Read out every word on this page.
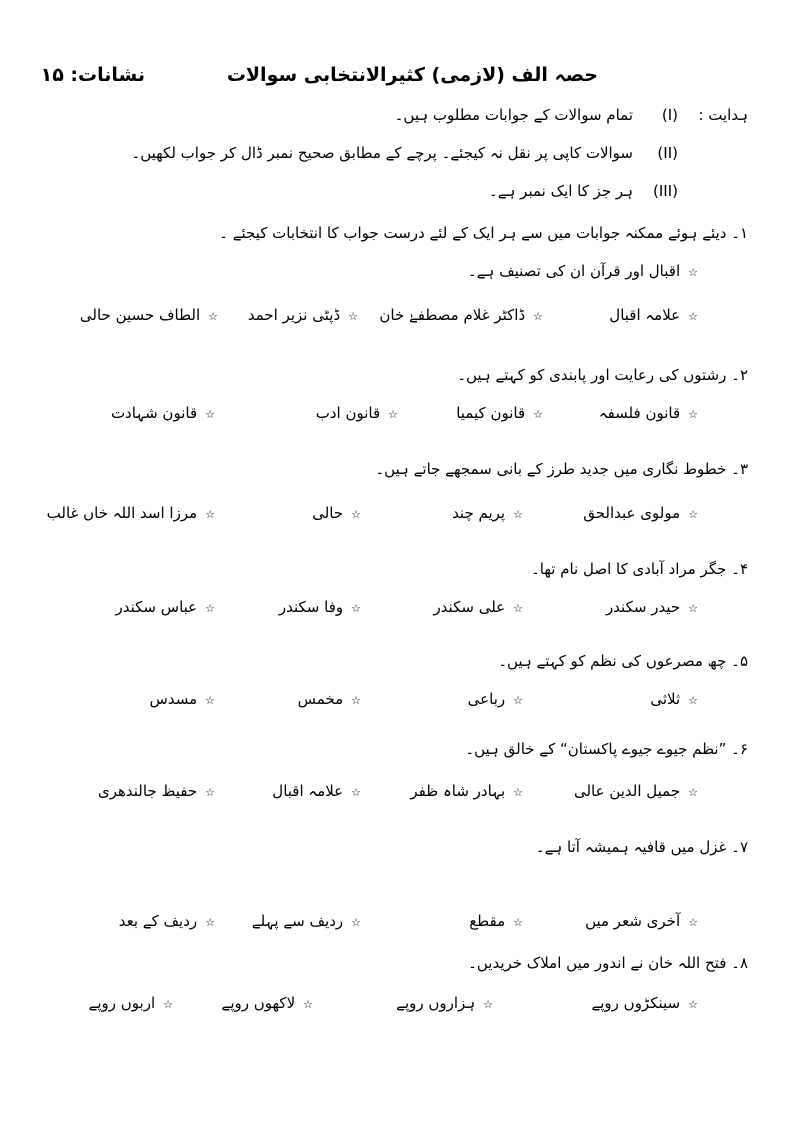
حصہ الف (لازمی) کثیرالانتخابی سوالات
نشانات: ۱۵
ہدایت :
(I)
تمام سوالات کے جوابات مطلوب ہیں۔
(II)
سوالات کاپی پر نقل نہ کیجئے۔ پرچے کے مطابق صحیح نمبر ڈال کر جواب لکھیں۔
(III)
ہر جز کا ایک نمبر ہے۔
۱۔ دیئے ہوئے ممکنہ جوابات میں سے ہر ایک کے لئے درست جواب کا انتخابات کیجئے ۔
☆اقبال اور قرآن ان کی تصنیف ہے۔
☆علامہ اقبال
☆ڈاکٹر غلام مصطفےٰ خان
☆ڈپٹی نزیر احمد
☆الطاف حسین حالی
۲۔ رشتوں کی رعایت اور پابندی کو کہتے ہیں۔
☆قانون فلسفہ
☆قانون کیمیا
☆قانون ادب
☆قانون شہادت
۳۔ خطوط نگاری میں جدید طرز کے بانی سمجھے جاتے ہیں۔
☆مولوی عبدالحق
☆پریم چند
☆حالی
☆مرزا اسد اللہ خاں غالب
۴۔ جگر مراد آبادی کا اصل نام تھا۔
☆حیدر سکندر
☆علی سکندر
☆وفا سکندر
☆عباس سکندر
۵۔ چھ مصرعوں کی نظم کو کہتے ہیں۔
☆ثلاثی
☆رباعی
☆مخمس
☆مسدس
۶۔ ”نظم جیوے جیوے پاکستان“ کے خالق ہیں۔
☆جمیل الدین عالی
☆بہادر شاہ ظفر
☆علامہ اقبال
☆حفیظ جالندھری
۷۔ غزل میں قافیہ ہمیشہ آتا ہے۔
☆آخری شعر میں
☆مقطع
☆ردیف سے پہلے
☆ردیف کے بعد
۸۔ فتح اللہ خان نے اندور میں املاک خریدیں۔
☆سینکڑوں روپے
☆ہزاروں روپے
☆لاکھوں روپے
☆اربوں روپے
